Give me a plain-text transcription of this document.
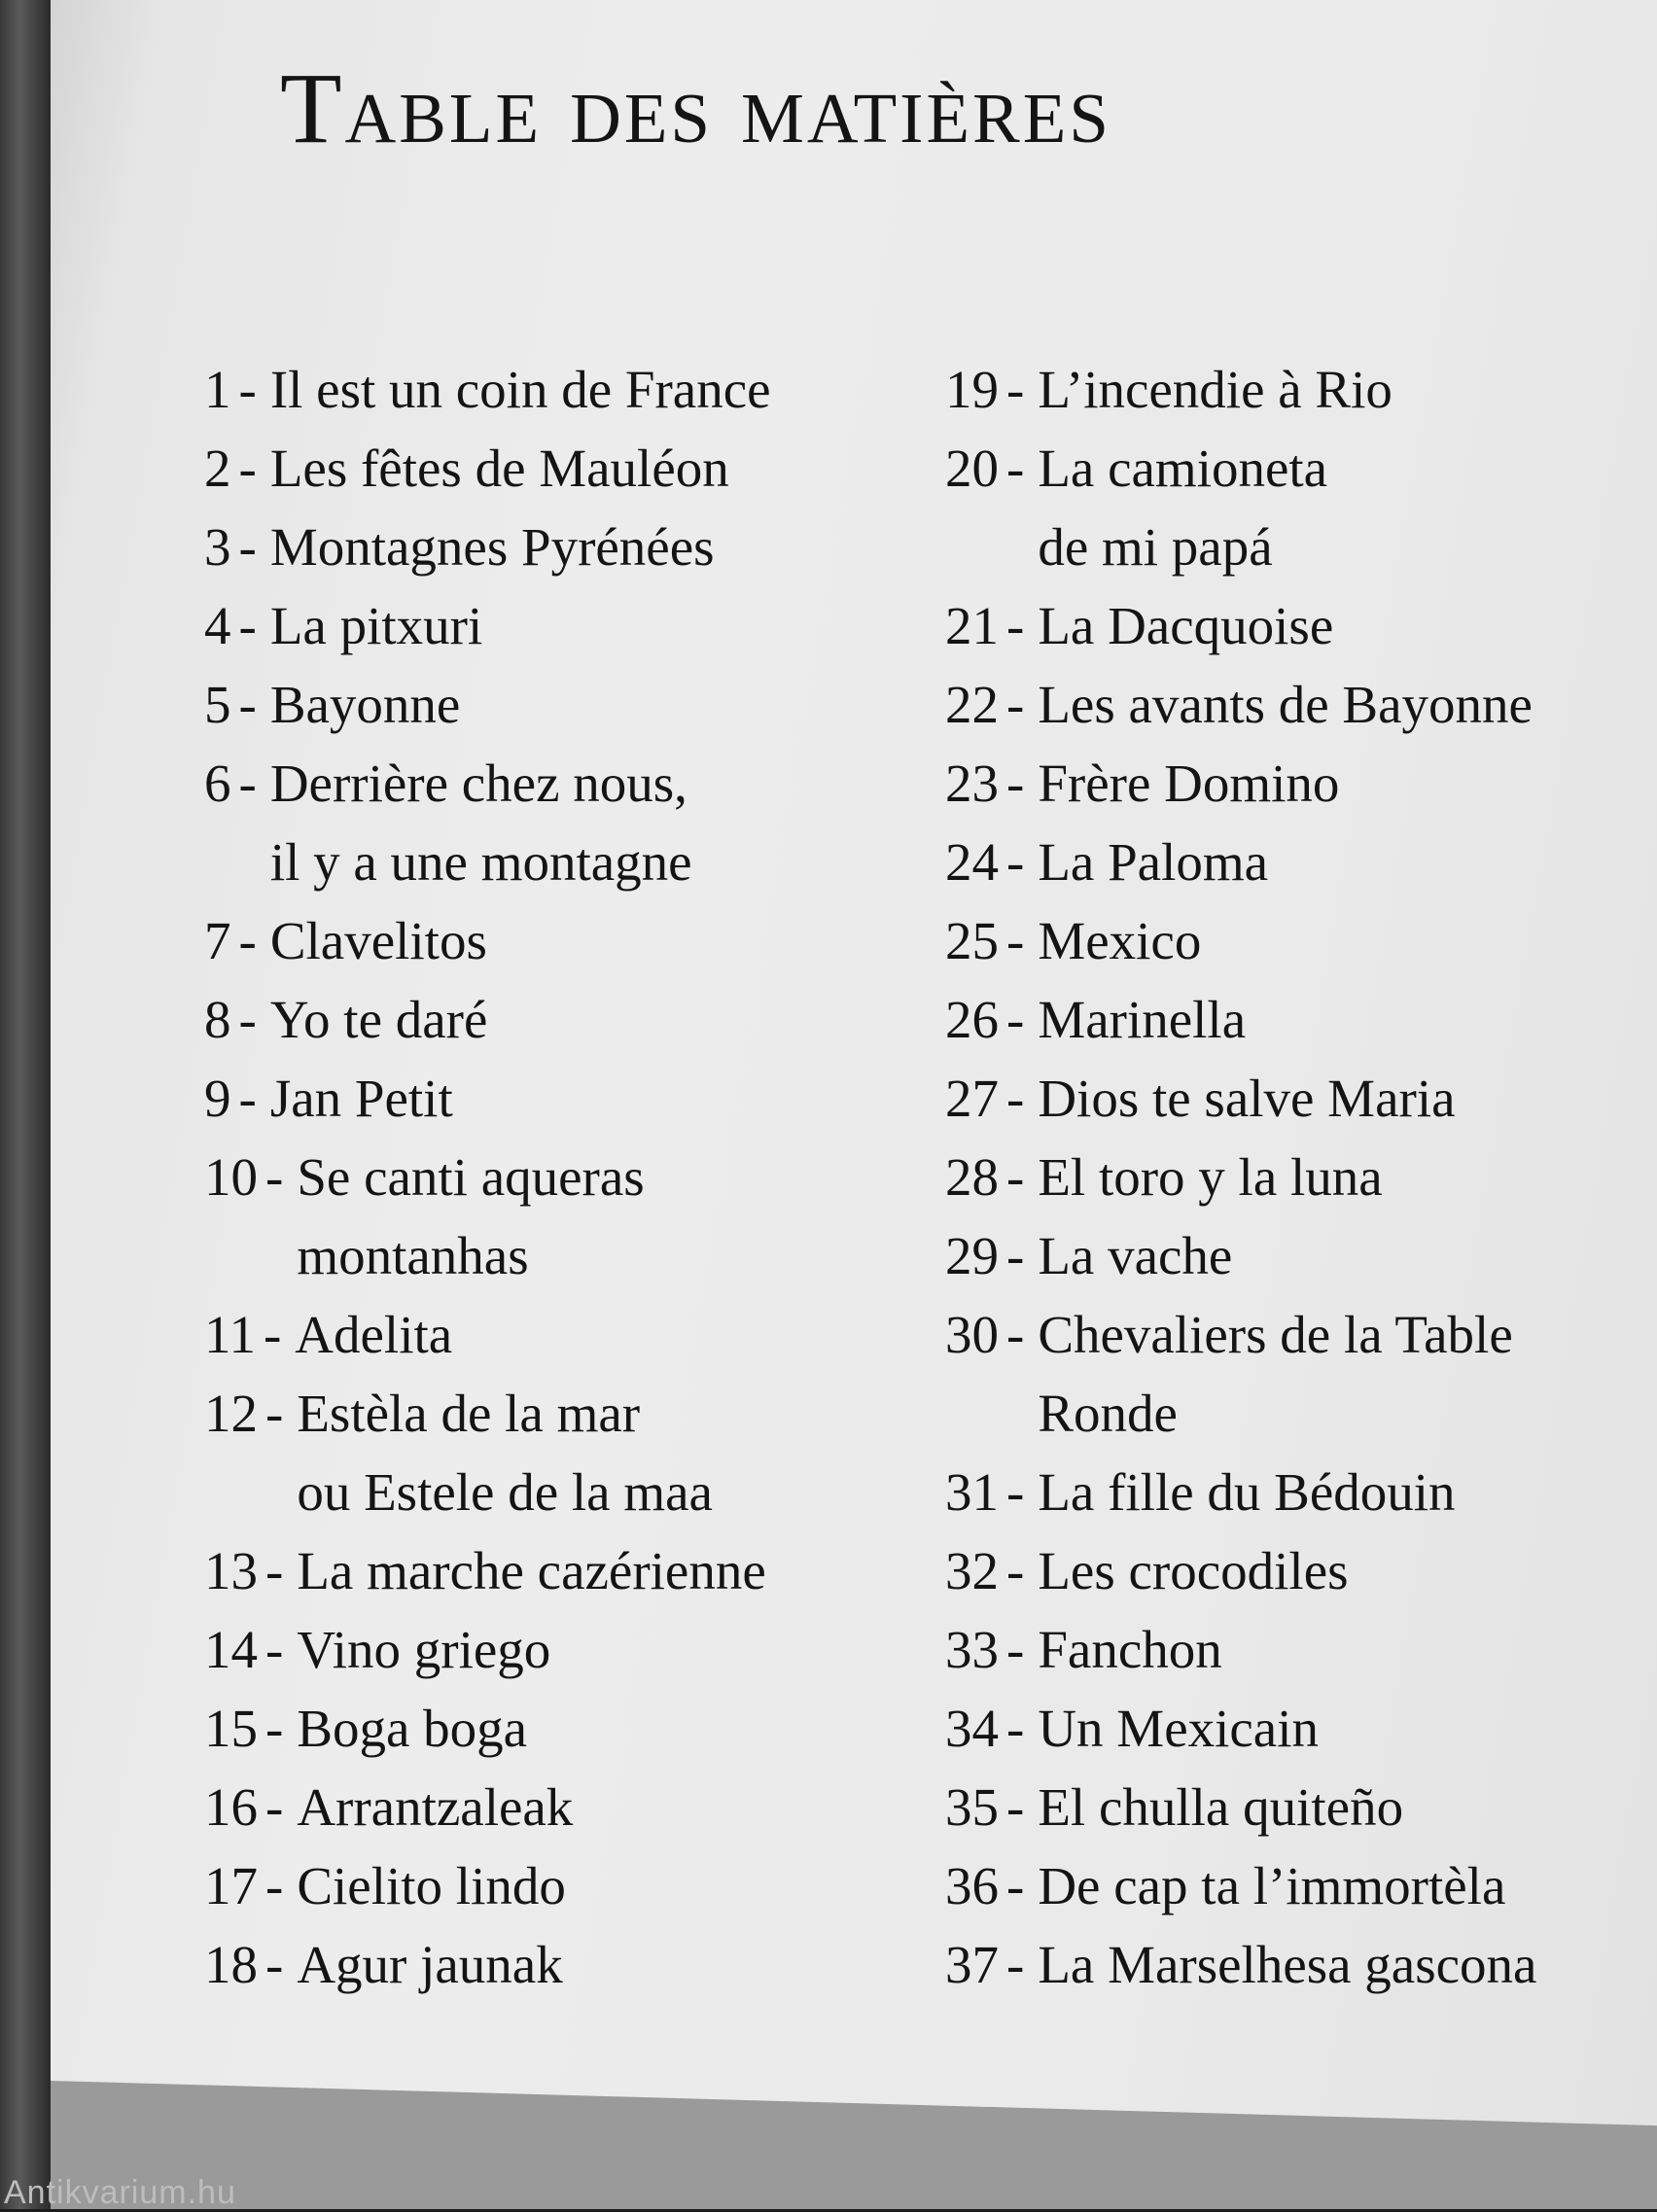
Table des matières
1 - Il est un coin de France
2 - Les fêtes de Mauléon
3 - Montagnes Pyrénées
4 - La pitxuri
5 - Bayonne
6 - Derrière chez nous,
il y a une montagne
7 - Clavelitos
8 - Yo te daré
9 - Jan Petit
10 - Se canti aqueras
montanhas
11 - Adelita
12 - Estèla de la mar
ou Estele de la maa
13 - La marche cazérienne
14 - Vino griego
15 - Boga boga
16 - Arrantzaleak
17 - Cielito lindo
18 - Agur jaunak
19 - L’incendie à Rio
20 - La camioneta
de mi papá
21 - La Dacquoise
22 - Les avants de Bayonne
23 - Frère Domino
24 - La Paloma
25 - Mexico
26 - Marinella
27 - Dios te salve Maria
28 - El toro y la luna
29 - La vache
30 - Chevaliers de la Table
Ronde
31 - La fille du Bédouin
32 - Les crocodiles
33 - Fanchon
34 - Un Mexicain
35 - El chulla quiteño
36 - De cap ta l’immortèla
37 - La Marselhesa gascona
Antikvarium.hu
